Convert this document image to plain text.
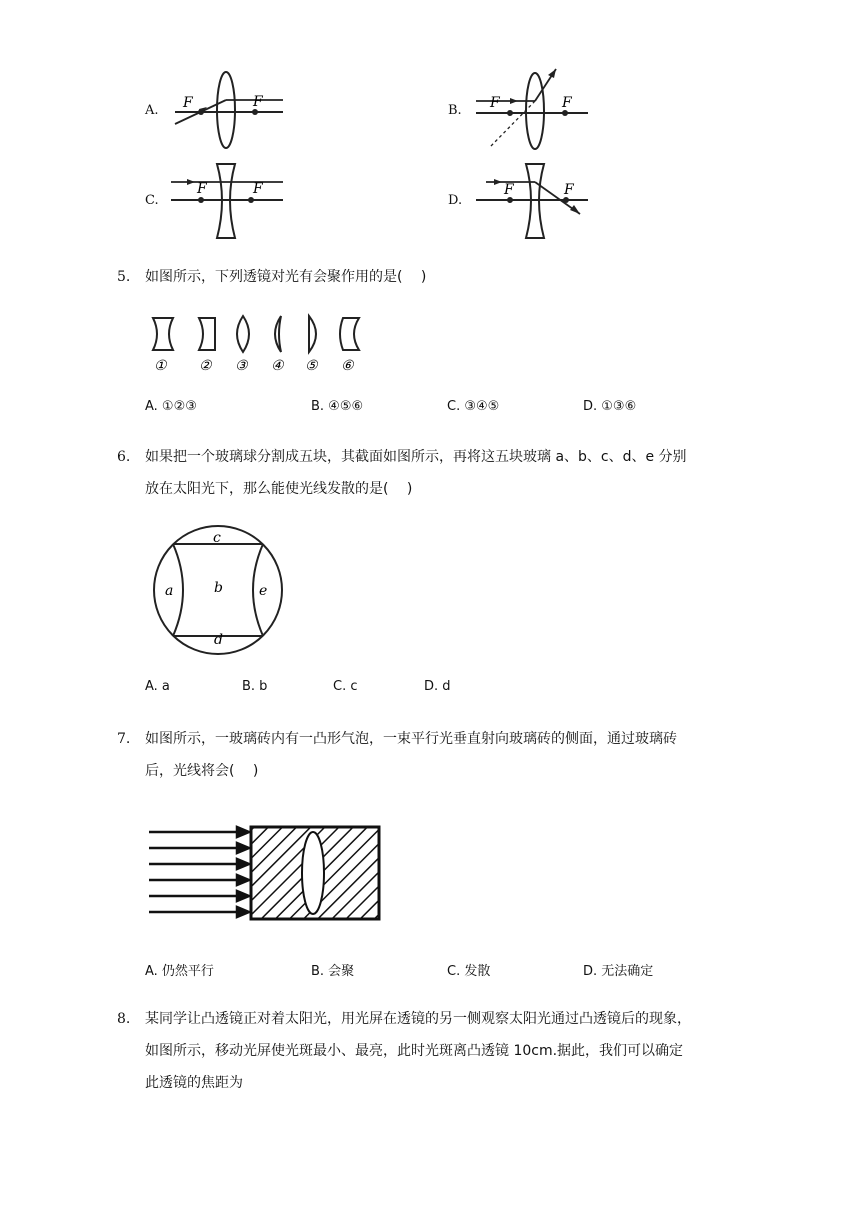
A. F	F
B. F	F
C.
F	F
D.
F	F
5. 如图所示，下列透镜对光有会聚作用的是(　 )
① ② ③ ④ ⑤ ⑥
A. ①②③	B. ④⑤⑥	C. ③④⑤	D. ①③⑥
6. 如果把一个玻璃球分割成五块，其截面如图所示，再将这五块玻璃 a、b、c、d、e 分别
放在太阳光下，那么能使光线发散的是(　 )
c
a	b	e
d
A. a	B. b	C. c	D. d
7. 如图所示，一玻璃砖内有一凸形气泡，一束平行光垂直射向玻璃砖的侧面，通过玻璃砖
后，光线将会(　 )
A. 仍然平行	B. 会聚	C. 发散	D. 无法确定
8. 某同学让凸透镜正对着太阳光，用光屏在透镜的另一侧观察太阳光通过凸透镜后的现象，
如图所示，移动光屏使光斑最小、最亮，此时光斑离凸透镜 10cm.据此，我们可以确定
此透镜的焦距为
